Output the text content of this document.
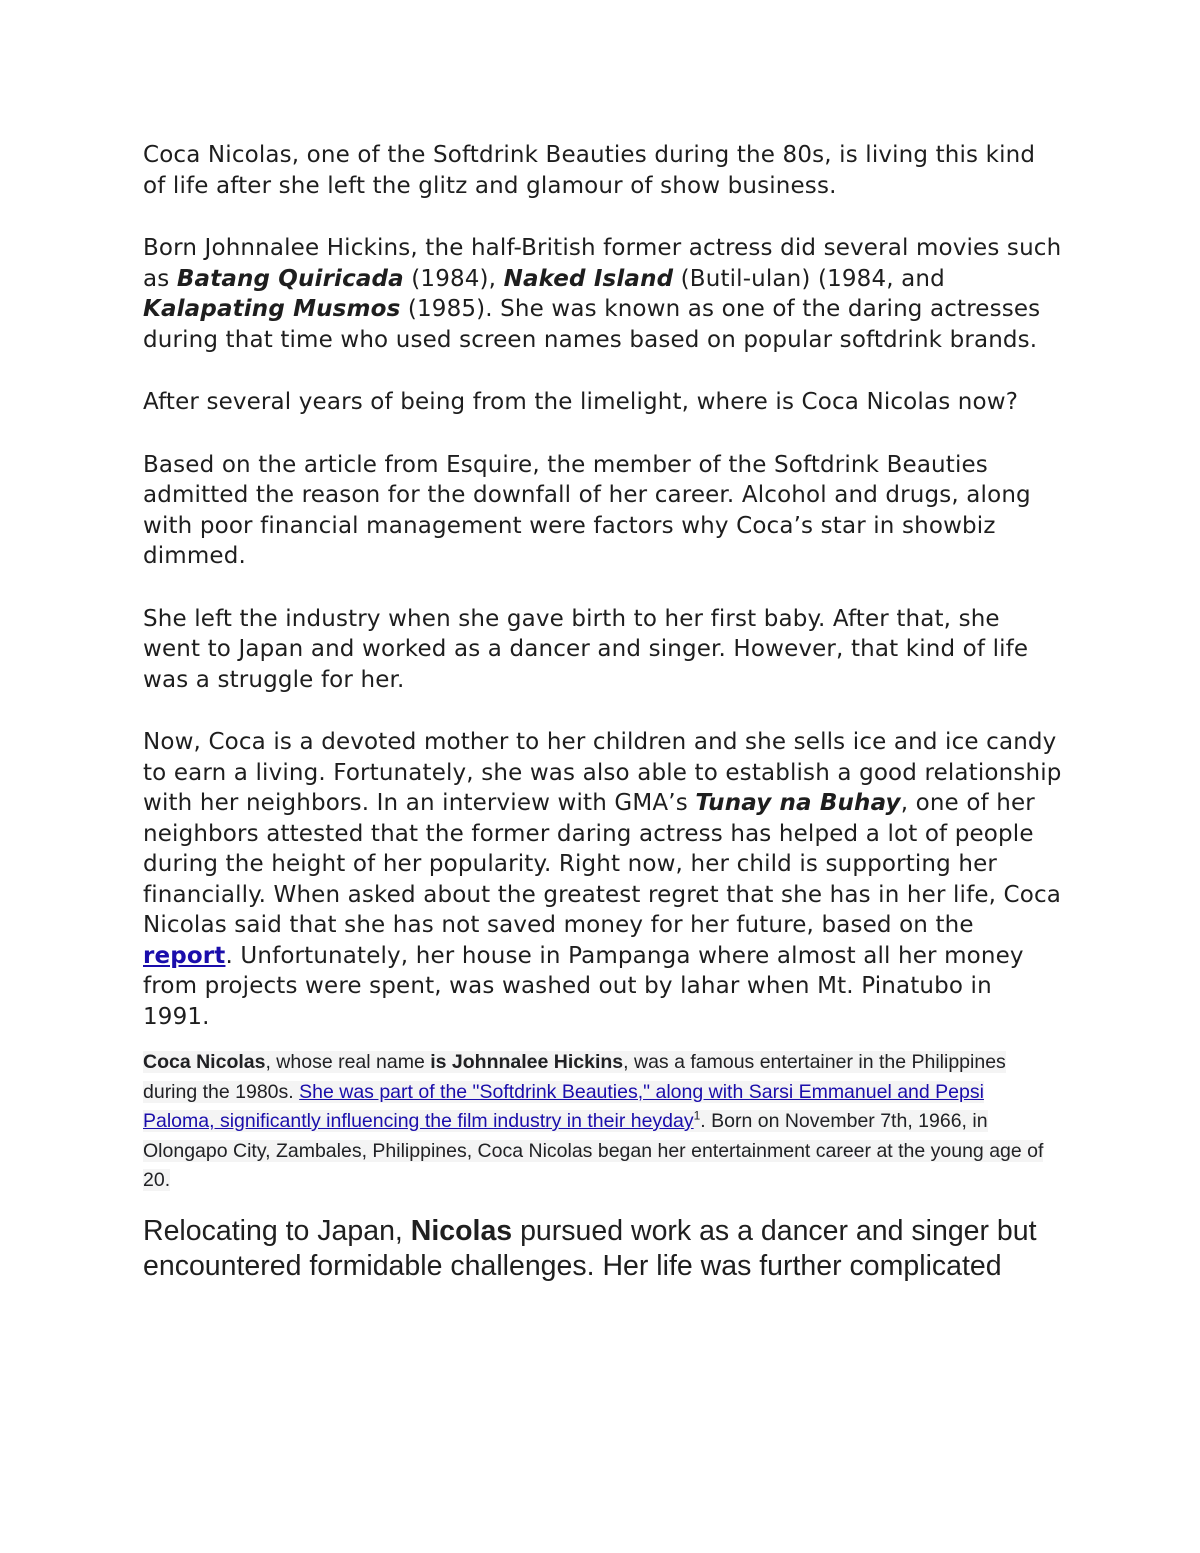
Coca Nicolas, one of the Softdrink Beauties during the 80s, is living this kind of life after she left the glitz and glamour of show business.

Born Johnnalee Hickins, the half-British former actress did several movies such as Batang Quiricada (1984), Naked Island (Butil-ulan) (1984, and Kalapating Musmos (1985). She was known as one of the daring actresses during that time who used screen names based on popular softdrink brands.

After several years of being from the limelight, where is Coca Nicolas now?

Based on the article from Esquire, the member of the Softdrink Beauties admitted the reason for the downfall of her career. Alcohol and drugs, along with poor financial management were factors why Coca’s star in showbiz dimmed.

She left the industry when she gave birth to her first baby. After that, she went to Japan and worked as a dancer and singer. However, that kind of life was a struggle for her.

Now, Coca is a devoted mother to her children and she sells ice and ice candy to earn a living. Fortunately, she was also able to establish a good relationship with her neighbors. In an interview with GMA’s Tunay na Buhay, one of her neighbors attested that the former daring actress has helped a lot of people during the height of her popularity. Right now, her child is supporting her financially. When asked about the greatest regret that she has in her life, Coca Nicolas said that she has not saved money for her future, based on the report. Unfortunately, her house in Pampanga where almost all her money from projects were spent, was washed out by lahar when Mt. Pinatubo in 1991.

Coca Nicolas, whose real name is Johnnalee Hickins, was a famous entertainer in the Philippines during the 1980s. She was part of the "Softdrink Beauties," along with Sarsi Emmanuel and Pepsi Paloma, significantly influencing the film industry in their heyday$^1$. Born on November 7th, 1966, in Olongapo City, Zambales, Philippines, Coca Nicolas began her entertainment career at the young age of 20.

Relocating to Japan, Nicolas pursued work as a dancer and singer but encountered formidable challenges. Her life was further complicated
